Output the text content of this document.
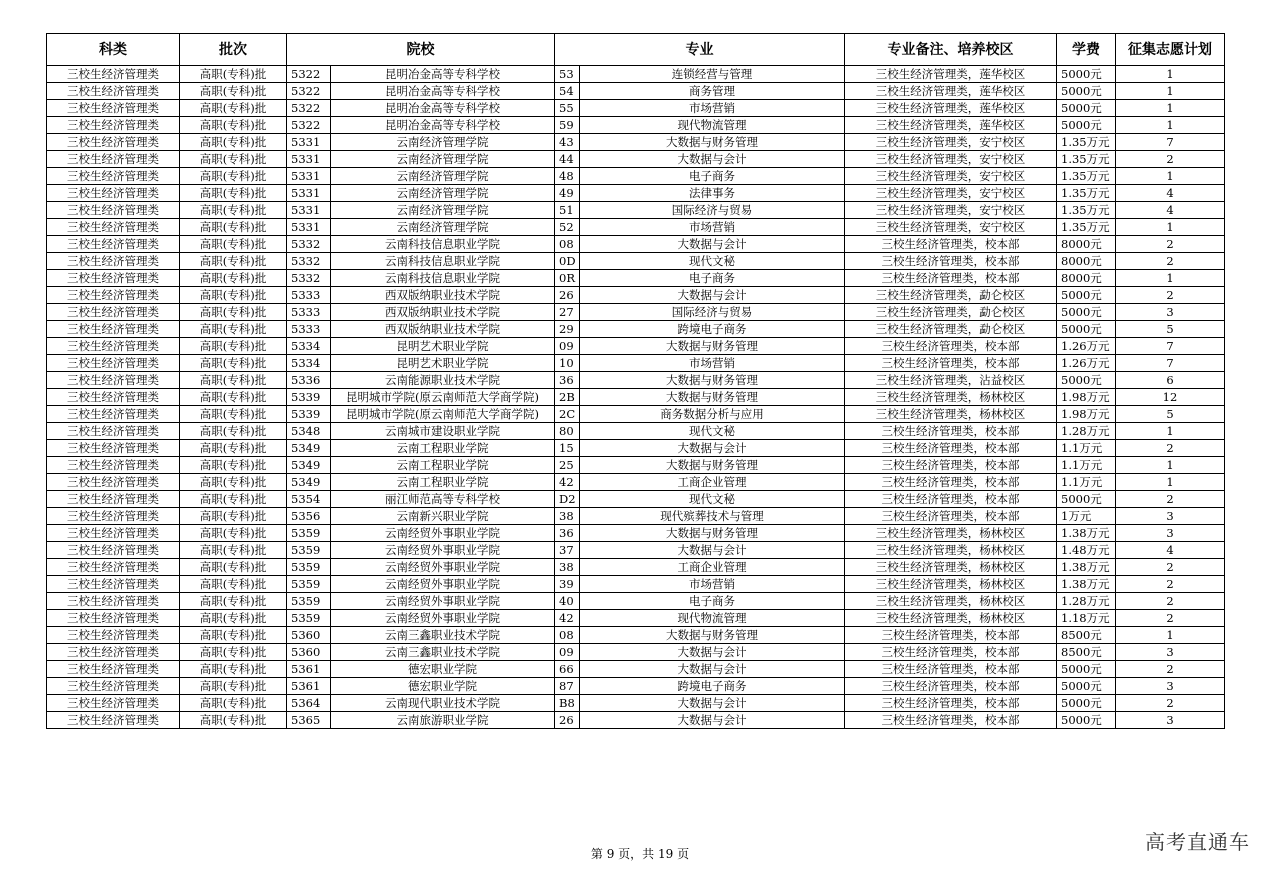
科类	批次	院校		专业		专业备注、培养校区	学费	征集志愿计划
三校生经济管理类	高职(专科)批	5322	昆明冶金高等专科学校	53	连锁经营与管理	三校生经济管理类，莲华校区	5000元	1
三校生经济管理类	高职(专科)批	5322	昆明冶金高等专科学校	54	商务管理	三校生经济管理类，莲华校区	5000元	1
三校生经济管理类	高职(专科)批	5322	昆明冶金高等专科学校	55	市场营销	三校生经济管理类，莲华校区	5000元	1
三校生经济管理类	高职(专科)批	5322	昆明冶金高等专科学校	59	现代物流管理	三校生经济管理类，莲华校区	5000元	1
三校生经济管理类	高职(专科)批	5331	云南经济管理学院	43	大数据与财务管理	三校生经济管理类，安宁校区	1.35万元	7
三校生经济管理类	高职(专科)批	5331	云南经济管理学院	44	大数据与会计	三校生经济管理类，安宁校区	1.35万元	2
三校生经济管理类	高职(专科)批	5331	云南经济管理学院	48	电子商务	三校生经济管理类，安宁校区	1.35万元	1
三校生经济管理类	高职(专科)批	5331	云南经济管理学院	49	法律事务	三校生经济管理类，安宁校区	1.35万元	4
三校生经济管理类	高职(专科)批	5331	云南经济管理学院	51	国际经济与贸易	三校生经济管理类，安宁校区	1.35万元	4
三校生经济管理类	高职(专科)批	5331	云南经济管理学院	52	市场营销	三校生经济管理类，安宁校区	1.35万元	1
三校生经济管理类	高职(专科)批	5332	云南科技信息职业学院	08	大数据与会计	三校生经济管理类，校本部	8000元	2
三校生经济管理类	高职(专科)批	5332	云南科技信息职业学院	0D	现代文秘	三校生经济管理类，校本部	8000元	2
三校生经济管理类	高职(专科)批	5332	云南科技信息职业学院	0R	电子商务	三校生经济管理类，校本部	8000元	1
三校生经济管理类	高职(专科)批	5333	西双版纳职业技术学院	26	大数据与会计	三校生经济管理类，勐仑校区	5000元	2
三校生经济管理类	高职(专科)批	5333	西双版纳职业技术学院	27	国际经济与贸易	三校生经济管理类，勐仑校区	5000元	3
三校生经济管理类	高职(专科)批	5333	西双版纳职业技术学院	29	跨境电子商务	三校生经济管理类，勐仑校区	5000元	5
三校生经济管理类	高职(专科)批	5334	昆明艺术职业学院	09	大数据与财务管理	三校生经济管理类，校本部	1.26万元	7
三校生经济管理类	高职(专科)批	5334	昆明艺术职业学院	10	市场营销	三校生经济管理类，校本部	1.26万元	7
三校生经济管理类	高职(专科)批	5336	云南能源职业技术学院	36	大数据与财务管理	三校生经济管理类，沾益校区	5000元	6
三校生经济管理类	高职(专科)批	5339	昆明城市学院(原云南师范大学商学院)	2B	大数据与财务管理	三校生经济管理类，杨林校区	1.98万元	12
三校生经济管理类	高职(专科)批	5339	昆明城市学院(原云南师范大学商学院)	2C	商务数据分析与应用	三校生经济管理类，杨林校区	1.98万元	5
三校生经济管理类	高职(专科)批	5348	云南城市建设职业学院	80	现代文秘	三校生经济管理类，校本部	1.28万元	1
三校生经济管理类	高职(专科)批	5349	云南工程职业学院	15	大数据与会计	三校生经济管理类，校本部	1.1万元	2
三校生经济管理类	高职(专科)批	5349	云南工程职业学院	25	大数据与财务管理	三校生经济管理类，校本部	1.1万元	1
三校生经济管理类	高职(专科)批	5349	云南工程职业学院	42	工商企业管理	三校生经济管理类，校本部	1.1万元	1
三校生经济管理类	高职(专科)批	5354	丽江师范高等专科学校	D2	现代文秘	三校生经济管理类，校本部	5000元	2
三校生经济管理类	高职(专科)批	5356	云南新兴职业学院	38	现代殡葬技术与管理	三校生经济管理类，校本部	1万元	3
三校生经济管理类	高职(专科)批	5359	云南经贸外事职业学院	36	大数据与财务管理	三校生经济管理类，杨林校区	1.38万元	3
三校生经济管理类	高职(专科)批	5359	云南经贸外事职业学院	37	大数据与会计	三校生经济管理类，杨林校区	1.48万元	4
三校生经济管理类	高职(专科)批	5359	云南经贸外事职业学院	38	工商企业管理	三校生经济管理类，杨林校区	1.38万元	2
三校生经济管理类	高职(专科)批	5359	云南经贸外事职业学院	39	市场营销	三校生经济管理类，杨林校区	1.38万元	2
三校生经济管理类	高职(专科)批	5359	云南经贸外事职业学院	40	电子商务	三校生经济管理类，杨林校区	1.28万元	2
三校生经济管理类	高职(专科)批	5359	云南经贸外事职业学院	42	现代物流管理	三校生经济管理类，杨林校区	1.18万元	2
三校生经济管理类	高职(专科)批	5360	云南三鑫职业技术学院	08	大数据与财务管理	三校生经济管理类，校本部	8500元	1
三校生经济管理类	高职(专科)批	5360	云南三鑫职业技术学院	09	大数据与会计	三校生经济管理类，校本部	8500元	3
三校生经济管理类	高职(专科)批	5361	德宏职业学院	66	大数据与会计	三校生经济管理类，校本部	5000元	2
三校生经济管理类	高职(专科)批	5361	德宏职业学院	87	跨境电子商务	三校生经济管理类，校本部	5000元	3
三校生经济管理类	高职(专科)批	5364	云南现代职业技术学院	B8	大数据与会计	三校生经济管理类，校本部	5000元	2
三校生经济管理类	高职(专科)批	5365	云南旅游职业学院	26	大数据与会计	三校生经济管理类，校本部	5000元	3
第 9 页，共 19 页	高考直通车
